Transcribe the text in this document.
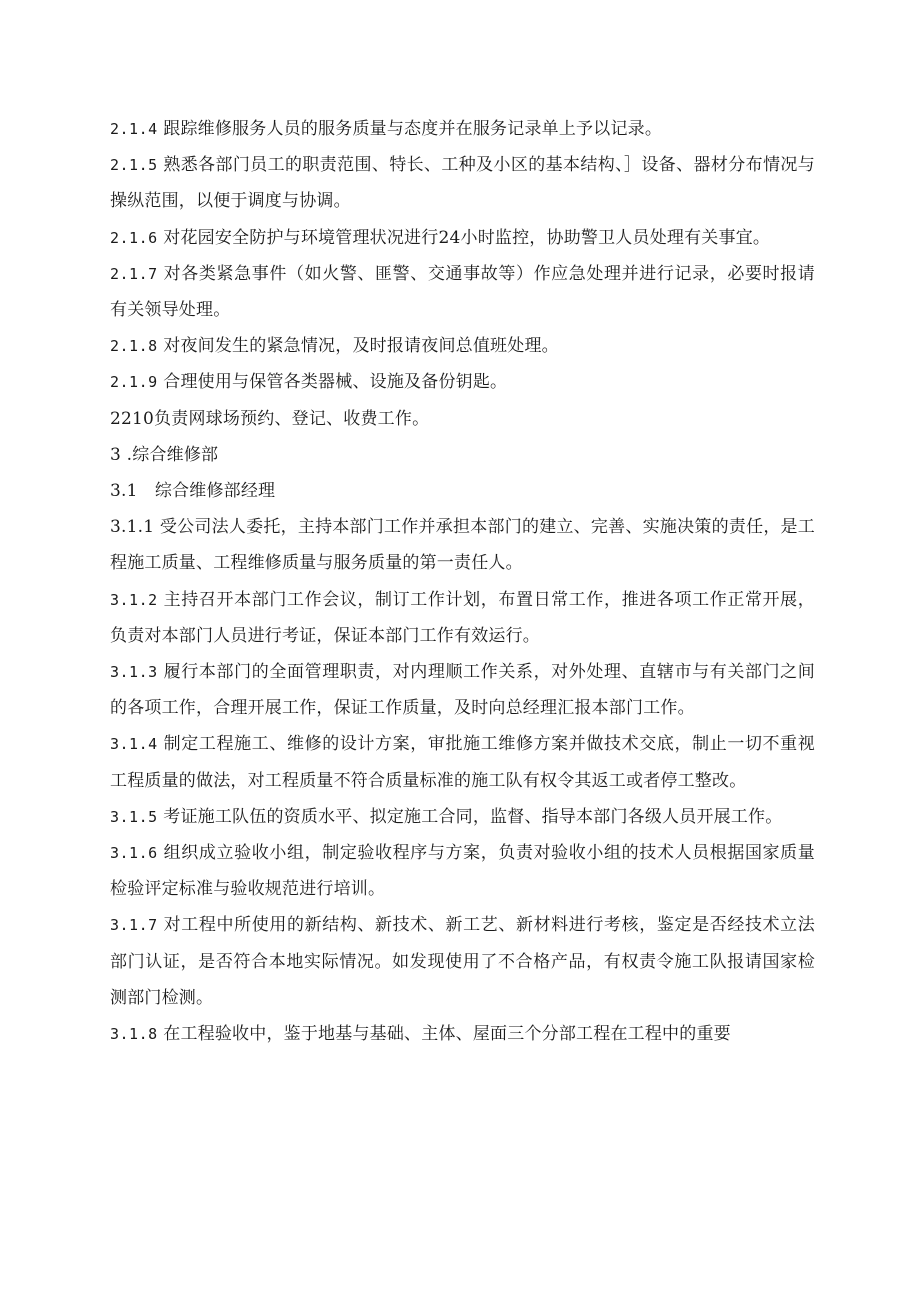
2.1.4 跟踪维修服务人员的服务质量与态度并在服务记录单上予以记录。

2.1.5 熟悉各部门员工的职责范围、特长、工种及小区的基本结构、］设备、器材分布情况与操纵范围，以便于调度与协调。

2.1.6 对花园安全防护与环境管理状况进行24小时监控，协助警卫人员处理有关事宜。

2.1.7 对各类紧急事件（如火警、匪警、交通事故等）作应急处理并进行记录，必要时报请有关领导处理。

2.1.8 对夜间发生的紧急情况，及时报请夜间总值班处理。

2.1.9 合理使用与保管各类器械、设施及备份钥匙。

2210负责网球场预约、登记、收费工作。

3 .综合维修部

3.1　综合维修部经理

3.1.1 受公司法人委托，主持本部门工作并承担本部门的建立、完善、实施决策的责任，是工程施工质量、工程维修质量与服务质量的第一责任人。

3.1.2 主持召开本部门工作会议，制订工作计划，布置日常工作，推进各项工作正常开展，负责对本部门人员进行考证，保证本部门工作有效运行。

3.1.3 履行本部门的全面管理职责，对内理顺工作关系，对外处理、直辖市与有关部门之间的各项工作，合理开展工作，保证工作质量，及时向总经理汇报本部门工作。

3.1.4 制定工程施工、维修的设计方案，审批施工维修方案并做技术交底，制止一切不重视工程质量的做法，对工程质量不符合质量标准的施工队有权令其返工或者停工整改。

3.1.5 考证施工队伍的资质水平、拟定施工合同，监督、指导本部门各级人员开展工作。

3.1.6 组织成立验收小组，制定验收程序与方案，负责对验收小组的技术人员根据国家质量检验评定标准与验收规范进行培训。

3.1.7 对工程中所使用的新结构、新技术、新工艺、新材料进行考核，鉴定是否经技术立法部门认证，是否符合本地实际情况。如发现使用了不合格产品，有权责令施工队报请国家检测部门检测。

3.1.8 在工程验收中，鉴于地基与基础、主体、屋面三个分部工程在工程中的重要
